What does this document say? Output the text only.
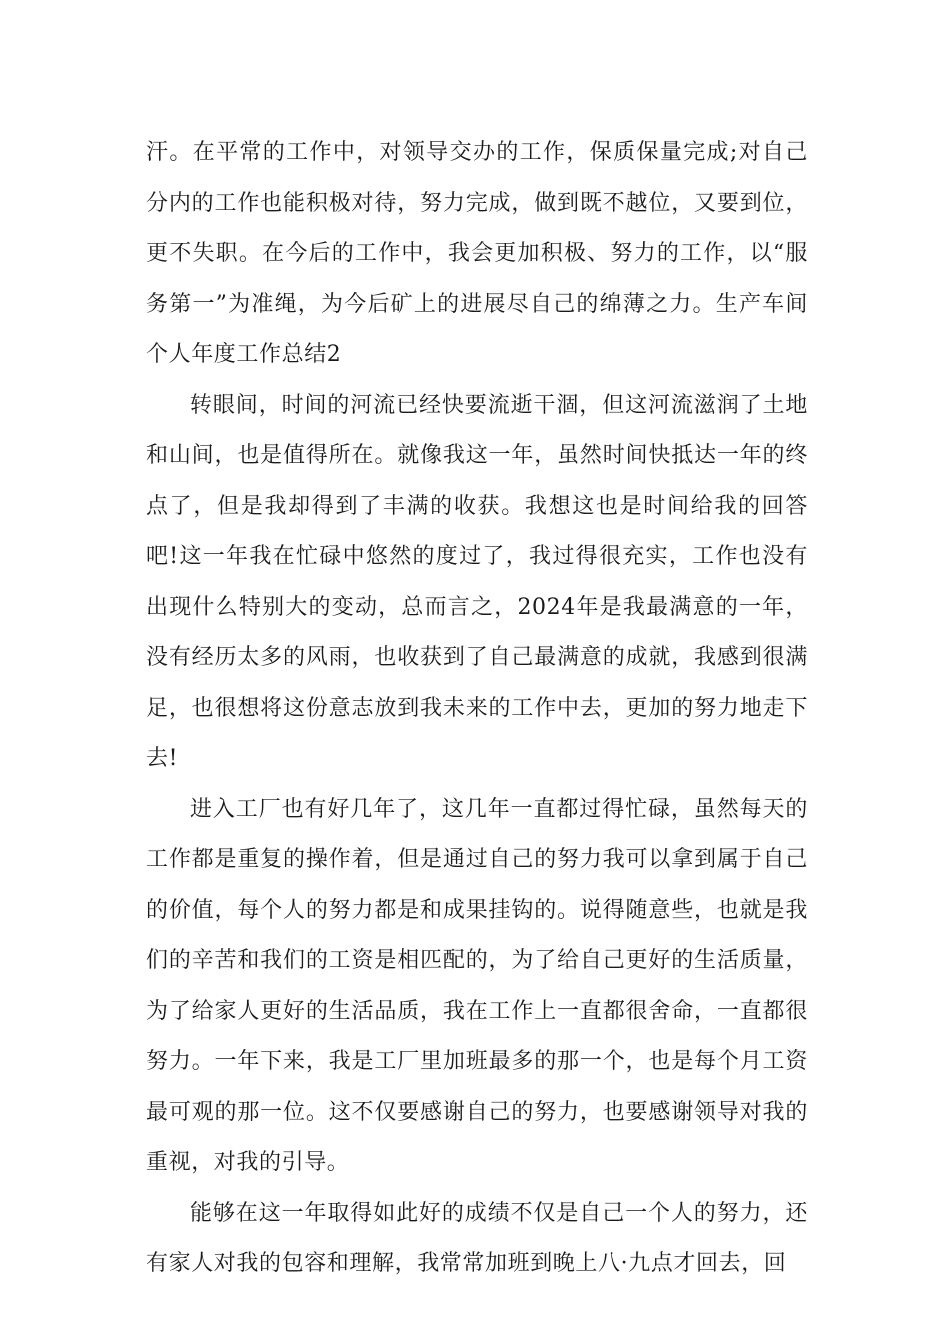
汗。在平常的工作中，对领导交办的工作，保质保量完成;对自己分内的工作也能积极对待，努力完成，做到既不越位，又要到位，更不失职。在今后的工作中，我会更加积极、努力的工作，以“服务第一”为准绳，为今后矿上的进展尽自己的绵薄之力。生产车间个人年度工作总结2

转眼间，时间的河流已经快要流逝干涸，但这河流滋润了土地和山间，也是值得所在。就像我这一年，虽然时间快抵达一年的终点了，但是我却得到了丰满的收获。我想这也是时间给我的回答吧!这一年我在忙碌中悠然的度过了，我过得很充实，工作也没有出现什么特别大的变动，总而言之，2024年是我最满意的一年，没有经历太多的风雨，也收获到了自己最满意的成就，我感到很满足，也很想将这份意志放到我未来的工作中去，更加的努力地走下去!

进入工厂也有好几年了，这几年一直都过得忙碌，虽然每天的工作都是重复的操作着，但是通过自己的努力我可以拿到属于自己的价值，每个人的努力都是和成果挂钩的。说得随意些，也就是我们的辛苦和我们的工资是相匹配的，为了给自己更好的生活质量，为了给家人更好的生活品质，我在工作上一直都很舍命，一直都很努力。一年下来，我是工厂里加班最多的那一个，也是每个月工资最可观的那一位。这不仅要感谢自己的努力，也要感谢领导对我的重视，对我的引导。

能够在这一年取得如此好的成绩不仅是自己一个人的努力，还有家人对我的包容和理解，我常常加班到晚上八·九点才回去，回
